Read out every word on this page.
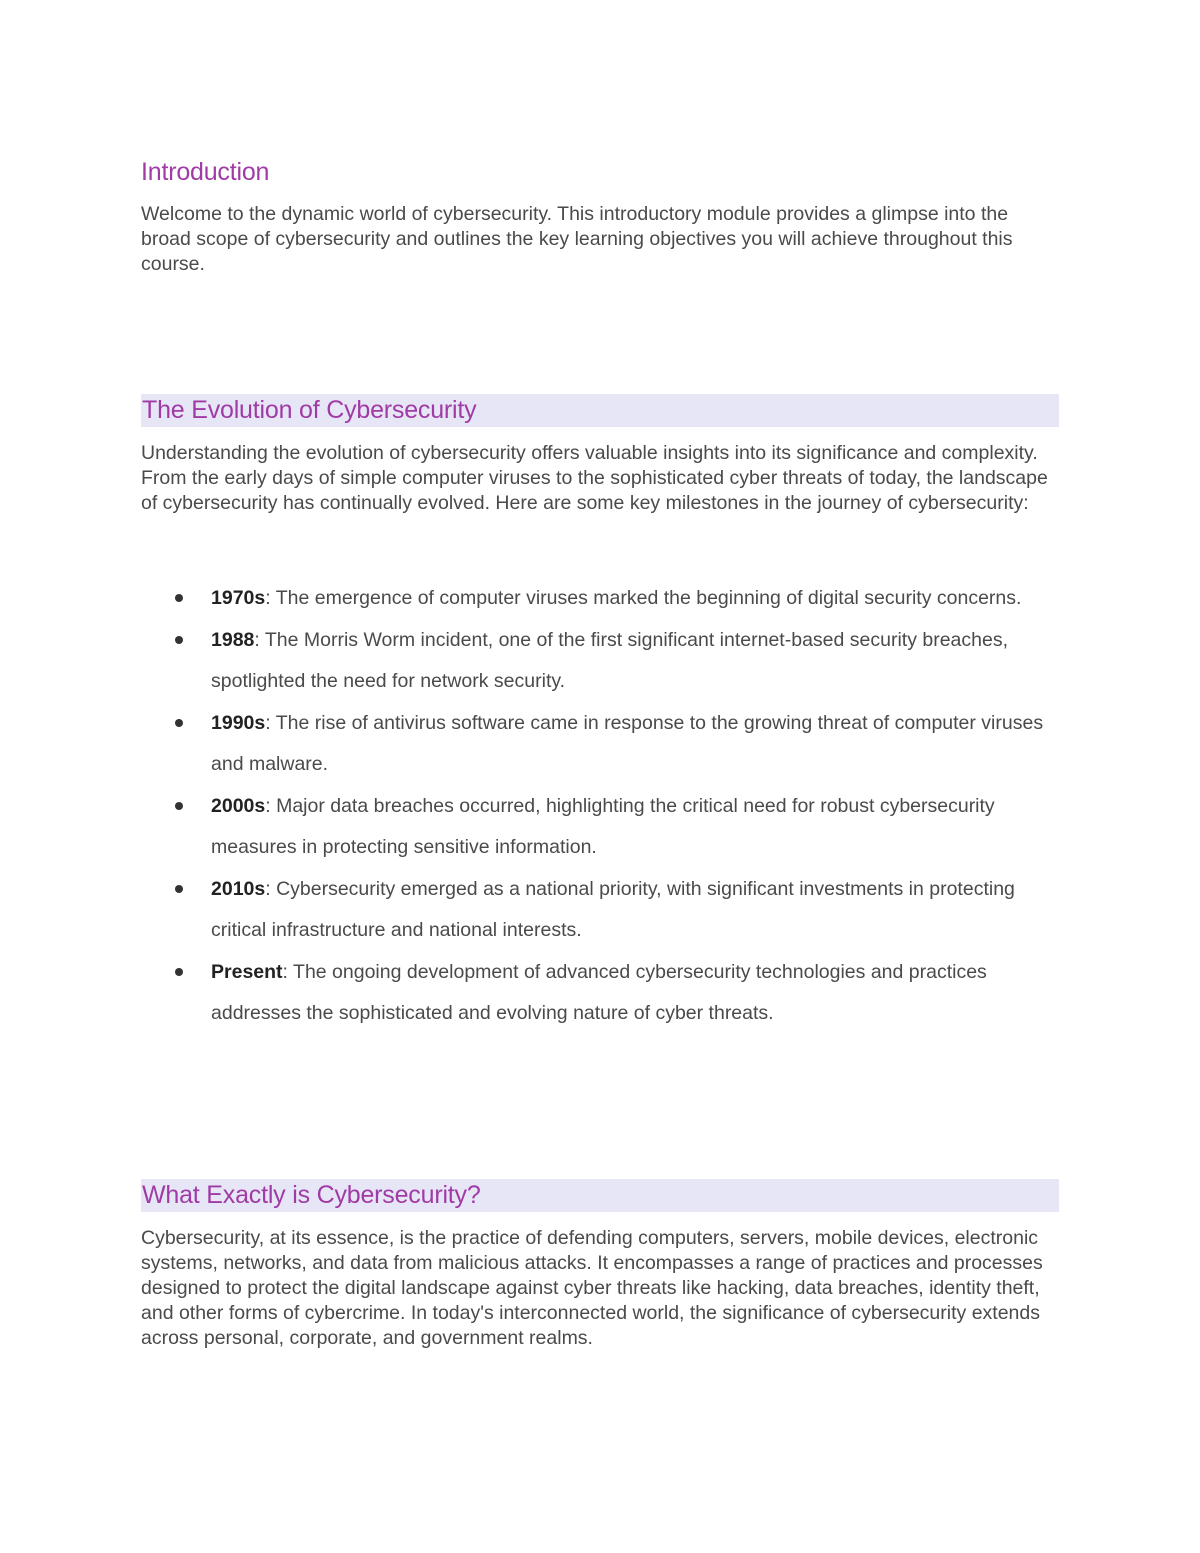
Introduction

Welcome to the dynamic world of cybersecurity. This introductory module provides a glimpse into the broad scope of cybersecurity and outlines the key learning objectives you will achieve throughout this course.

The Evolution of Cybersecurity

Understanding the evolution of cybersecurity offers valuable insights into its significance and complexity. From the early days of simple computer viruses to the sophisticated cyber threats of today, the landscape of cybersecurity has continually evolved. Here are some key milestones in the journey of cybersecurity:

1970s: The emergence of computer viruses marked the beginning of digital security concerns.
1988: The Morris Worm incident, one of the first significant internet-based security breaches, spotlighted the need for network security.
1990s: The rise of antivirus software came in response to the growing threat of computer viruses and malware.
2000s: Major data breaches occurred, highlighting the critical need for robust cybersecurity measures in protecting sensitive information.
2010s: Cybersecurity emerged as a national priority, with significant investments in protecting critical infrastructure and national interests.
Present: The ongoing development of advanced cybersecurity technologies and practices addresses the sophisticated and evolving nature of cyber threats.
What Exactly is Cybersecurity?

Cybersecurity, at its essence, is the practice of defending computers, servers, mobile devices, electronic systems, networks, and data from malicious attacks. It encompasses a range of practices and processes designed to protect the digital landscape against cyber threats like hacking, data breaches, identity theft, and other forms of cybercrime. In today's interconnected world, the significance of cybersecurity extends across personal, corporate, and government realms.
